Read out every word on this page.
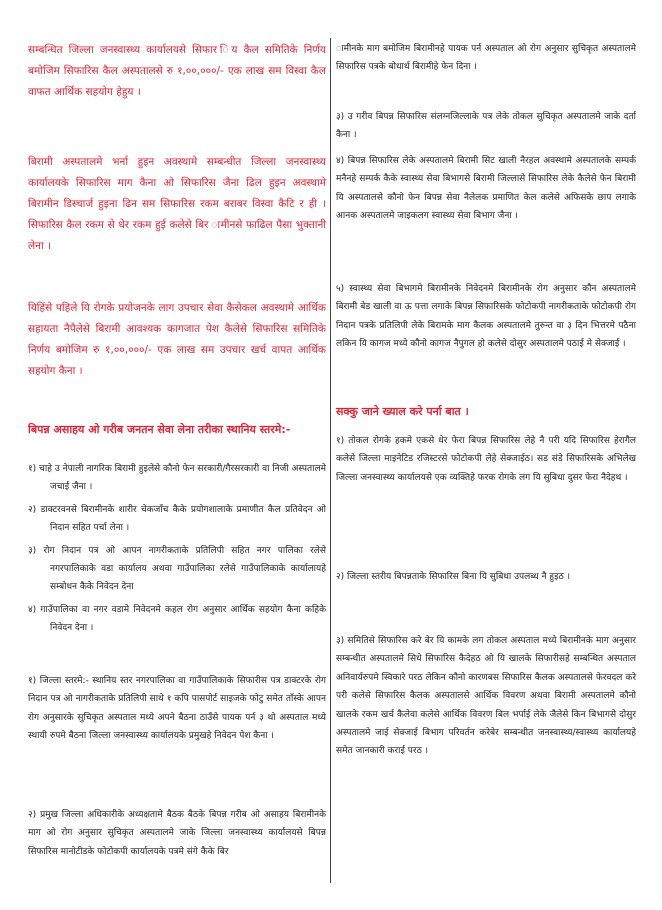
सम्बन्धित जिल्ला जनस्वास्थ्य कार्यालयसे सिफार िय कैल समितिके निर्णय बमोजिम सिफारिस कैल अस्पतालसे रु १,००,०००/- एक लाख सम विस्वा कैल वाफत आर्थिक सहयोग हेहुय ।

बिरामी अस्पतालमे भर्ना हुइन अवस्थामे सम्बन्धीत जिल्ला जनस्वास्थ्य कार्यालयके सिफारिस माग कैना ओ सिफारिस जैना ढिल हुइन अवस्थामे बिरामीन डिस्चार्ज हुइना ढिन सम सिफारिस रकम बराबर विस्वा कैटि र ही । सिफारिस कैल रकम से धेर रकम हुई कलेसे बिर ामीनसे फाढिल पैसा भुक्तानी लेना ।

यिहिंसे पहिले यि रोगके प्रयोजनके लाग उपचार सेवा कैसेकल अवस्थामे आर्थिक सहायता नैपैलेसे बिरामी आवश्यक कागजात पेश कैलेसे सिफारिस समितिके निर्णय बमोजिम रु १,००,०००/- एक लाख सम उपचार खर्च वापत आर्थिक सहयोग कैना ।

बिपन्न असाहय ओ गरीब जनतन सेवा लेना तरीका स्थानिय स्तरमे:-

१) चाहे उ नेपाली नागरिक बिरामी हुइलेसे कौनो फेन सरकारी/गैरसरकारी वा निजी अस्पतालमे जचाई जैना ।

२) डाक्टरवनसे बिरामीनके शारीर चेकजाँच कैके प्रयोगशालाके प्रमाणीत कैल प्रतिवेदन ओ निदान सहित पर्चा लेना ।

३) रोग निदान पत्र ओ आपन नागरीकताके प्रतिलिपी सहित नगर पालिका रलेसे नगरपालिकाके वडा कार्यालय अथवा गाउँपालिका रलेसे गाउँपालिकाके कार्यालायहे सम्बोधन कैके निवेदन देना

४) गाउँपालिका वा नगर वडामे निवेदनमे कहल रोग अनुसार आर्थिक सहयोग कैना कहिके निवेदन देना ।

१) जिल्ला स्तरमे:- स्थानिय स्तर नगरपालिका वा गाउँपालिकाके सिफारीस पत्र डाक्टरके रोग निदान पत्र ओ नागरीकताके प्रतिलिपी साथे १ कपि पासपोर्ट साइजके फोटु समेत ताँस्के आपन रोग अनुसारके सुचिकृत अस्पताल मध्ये अपने बैठना ठाउँसे पायक पर्न ३ थो अस्पताल मध्ये स्थायी रुपमे बैठना जिल्ला जनस्वास्थ्य कार्यालयके प्रमुखहे निवेदन पेश कैना ।

२) प्रमुख जिल्ला अधिकारीके अध्यक्षतामे बैठक बैठके बिपन्न गरीब ओ असाहय बिरामीनके माग ओ रोग अनुसार सुचिकृत अस्पतालमे जाके जिल्ला जनस्वास्थ्य कार्यालयसे बिपन्न सिफारिस मानोटीडके फोटोकपी कार्यालयके पत्रमे संगे कैके बिर

ामीनके माग बमोजिम बिरामीनहे पायक पर्न अस्पताल ओ रोग अनुसार सुचिकृत अस्पतालमे सिफारिस पत्रके बोधार्थ बिरामीहे फेन दिना ।

३) उ गरीव बिपन्न सिफारिस संलग्नजिल्लाके पत्र लेके तोकल सुचिकृत अस्पतालमे जाके दर्ता कैना ।

४) बिपन्न सिफारिस लेके अस्पतालमे बिरामी सिट खाली नैरहल अवस्थामे अस्पतालके सम्पर्क मनैनहे सम्पर्क कैके स्वास्थ्य सेवा बिभागसे बिरामी जिल्लासे सिफारिस लेके कैलेसे फेन बिरामी यि अस्पतालसे कौनो फेन बिपन्न सेवा नैलेलक प्रमाणित केल कलेसे अफिसके छाप लगाके आनक अस्पतालमे जाइकलग स्वास्थ्य सेवा बिभाग जैना ।

५) स्वास्थ्य सेवा बिभागमे बिरामीनके निवेदनमे बिरामीनके रोग अनुसार कौन अस्पतालमे बिरामी बेड खाली वा ऊ पत्ता लगाके बिपन्न सिफारिसके फोटोकपी नागरीकताके फोटोकपी रोग निदान पत्रके प्रतिलिपी लेके बिरामके माग कैलक अस्पतालमे तुरुन्त वा ३ दिन भित्तरमे पठैना लकिन यि कागज मध्ये कौनो कागज नैपुगल हो कलेसे दोसुर अस्पतालमे पठाई मे सेक्जाई ।

सक्कु जाने ख्याल करे पर्ना बात ।

१) तोकल रोगके हकमे एकसे धेर फेरा बिपन्न सिफारिस लेहे नै परी यदि सिफारिस हेरागैल कलेसे जिल्ला माइनेटिड रजिस्टरसे फोटोकपी लेहे सेक्जाईठ। सड संडे सिफारिसके अभिलेख जिल्ला जनस्वास्थ्य कार्यालयसे एक व्यक्तिहे फरक रोगके लग यि सुबिधा दुसर फेरा नैदेहथ ।

२) जिल्ला स्तरीय बिपन्नताके सिफारिस बिना यि सुबिधा उपलब्ध नै हुइठ ।

३) समितिसे सिफारिस करे बेर यि कामके लग तोकल अस्पताल मध्ये बिरामीनके माग अनुसार सम्बन्धीत अस्पतालमे सिधे सिफारिस कैदेहठ ओ यि खालके सिफारीसहे सम्बन्धित अस्पताल अनिवार्यरुपमे स्विकारे परठ लेकिन कौनो कारणबस सिफारिस कैलक अस्पतालसे फेरवदल करे परी कलेसे सिफारिस कैलक अस्पतालसे आर्थिक विवरण अथवा बिरामी अस्पतालमे कौनो खालके रकम खर्च कैलेवा कलेसे आर्थिक विवरण बिल भर्पाई लेके जैलेसे किन बिभागसे दोसुर अस्पतालमे जाई सेक्जाई बिभाग परिवर्तन करेबेर सम्बन्धीत जनस्वास्थ्य/स्वास्थ्य कार्यालयहे समेत जानकारी कराई परठ ।
